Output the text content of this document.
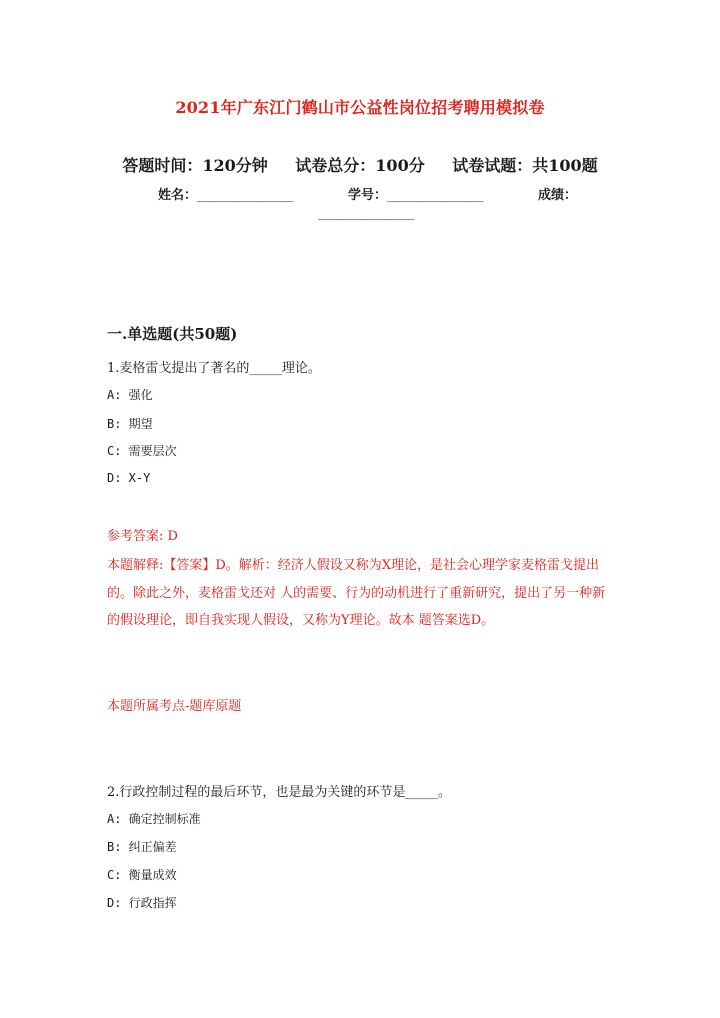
2021年广东江门鹤山市公益性岗位招考聘用模拟卷
答题时间：120分钟 试卷总分：100分 试卷试题：共100题
姓名：________________	学号：________________	成绩：
________________
一.单选题(共50题)
1.麦格雷戈提出了著名的_____理论。
A: 强化
B: 期望
C: 需要层次
D: X-Y
参考答案: D
本题解释:【答案】D。解析：经济人假设又称为X理论，是社会心理学家麦格雷戈提出的。除此之外，麦格雷戈还对 人的需要、行为的动机进行了重新研究，提出了另一种新的假设理论，即自我实现人假设，又称为Y理论。故本 题答案选D。
本题所属考点-题库原题
2.行政控制过程的最后环节，也是最为关键的环节是_____。
A: 确定控制标准
B: 纠正偏差
C: 衡量成效
D: 行政指挥
